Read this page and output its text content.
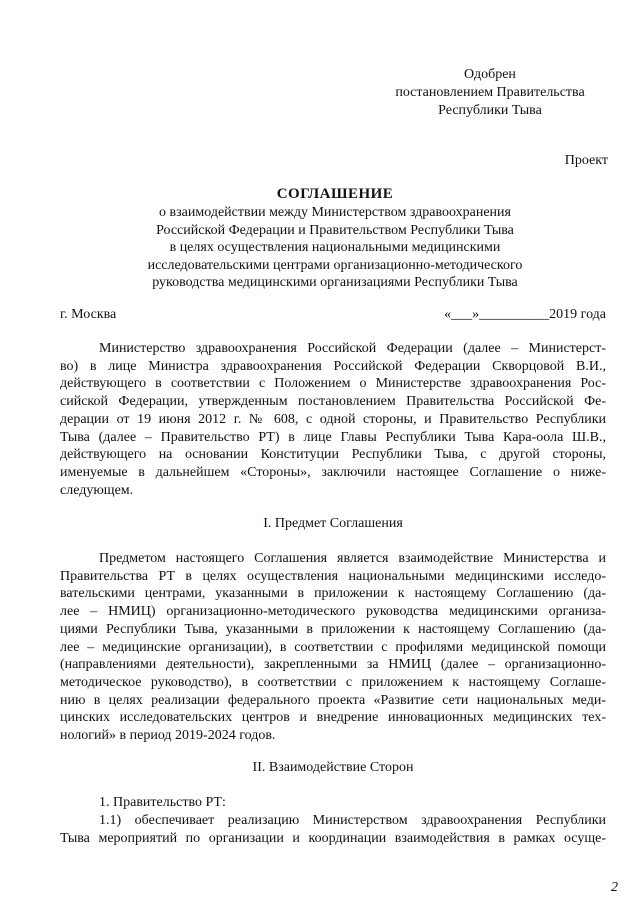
Одобрен
постановлением Правительства
Республики Тыва
Проект
СОГЛАШЕНИЕ
о взаимодействии между Министерством здравоохранения
Российской Федерации и Правительством Республики Тыва
в целях осуществления национальными медицинскими
исследовательскими центрами организационно-методического
руководства медицинскими организациями Республики Тыва
г. Москва	«___»__________2019 года
Министерство здравоохранения Российской Федерации (далее – Министерст-
во) в лице Министра здравоохранения Российской Федерации Скворцовой В.И.,
действующего в соответствии с Положением о Министерстве здравоохранения Рос-
сийской Федерации, утвержденным постановлением Правительства Российской Фе-
дерации от 19 июня 2012 г. № 608, с одной стороны, и Правительство Республики
Тыва (далее – Правительство РТ) в лице Главы Республики Тыва Кара-оола Ш.В.,
действующего на основании Конституции Республики Тыва, с другой стороны,
именуемые в дальнейшем «Стороны», заключили настоящее Соглашение о ниже-
следующем.
I. Предмет Соглашения
Предметом настоящего Соглашения является взаимодействие Министерства и
Правительства РТ в целях осуществления национальными медицинскими исследо-
вательскими центрами, указанными в приложении к настоящему Соглашению (да-
лее – НМИЦ) организационно-методического руководства медицинскими организа-
циями Республики Тыва, указанными в приложении к настоящему Соглашению (да-
лее – медицинские организации), в соответствии с профилями медицинской помощи
(направлениями деятельности), закрепленными за НМИЦ (далее – организационно-
методическое руководство), в соответствии с приложением к настоящему Соглаше-
нию в целях реализации федерального проекта «Развитие сети национальных меди-
цинских исследовательских центров и внедрение инновационных медицинских тех-
нологий» в период 2019-2024 годов.
II. Взаимодействие Сторон
1. Правительство РТ:
1.1) обеспечивает реализацию Министерством здравоохранения Республики
Тыва мероприятий по организации и координации взаимодействия в рамках осуще-
2
